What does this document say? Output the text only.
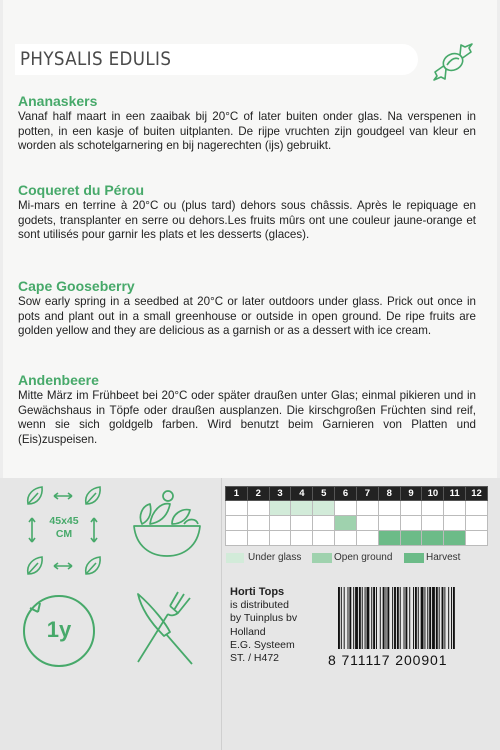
PHYSALIS EDULIS
Ananaskers
Vanaf half maart in een zaaibak bij 20°C of later buiten onder glas. Na verspenen in potten, in een kasje of buiten uitplanten. De rijpe vruchten zijn goudgeel van kleur en worden als schotelgarnering en bij nagerechten (ijs) gebruikt.
Coqueret du Pérou
Mi-mars en terrine à 20°C ou (plus tard) dehors sous châssis. Après le repiquage en godets, transplanter en serre ou dehors.Les fruits mûrs ont une couleur jaune-orange et sont utilisés pour garnir les plats et les desserts (glaces).
Cape Gooseberry
Sow early spring in a seedbed at 20°C or later outdoors under glass. Prick out once in pots and plant out in a small greenhouse or outside in open ground. De ripe fruits are golden yellow and they are delicious as a garnish or as a dessert with ice cream.
Andenbeere
Mitte März im Frühbeet bei 20°C oder später draußen unter Glas; einmal pikieren und in Gewächshaus in Töpfe oder draußen ausplanzen. Die kirschgroßen Früchten sind reif, wenn sie sich goldgelb farben. Wird benutzt beim Garnieren von Platten und (Eis)zuspeisen.
45x45
CM
1y
1	2	3	4	5	6	7	8	9	10	11	12

Under glass	Open ground	Harvest
Horti Tops
is distributed
by Tuinplus bv
Holland
E.G. Systeem
ST. / H472	8 711117 200901
